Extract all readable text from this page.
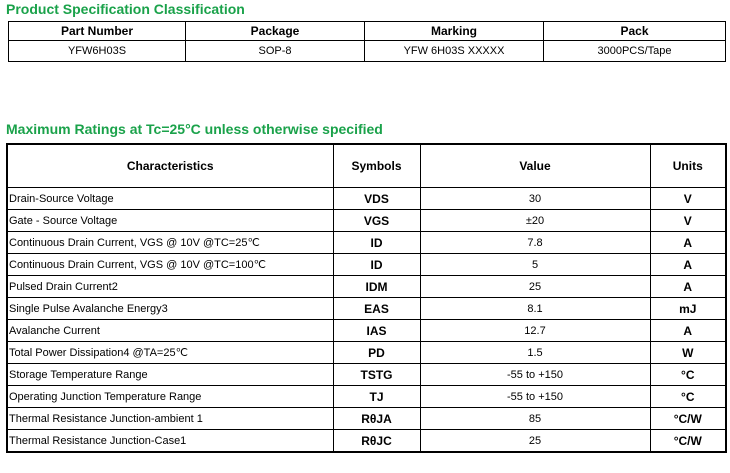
Product Specification Classification
Part Number	Package	Marking	Pack
YFW6H03S	SOP-8	YFW 6H03S XXXXX	3000PCS/Tape
Maximum Ratings at Tc=25°C unless otherwise specified
Characteristics	Symbols	Value	Units
Drain-Source Voltage	VDS	30	V
Gate - Source Voltage	VGS	±20	V
Continuous Drain Current, VGS @ 10V @TC=25℃	ID	7.8	A
Continuous Drain Current, VGS @ 10V @TC=100℃	ID	5	A
Pulsed Drain Current2	IDM	25	A
Single Pulse Avalanche Energy3	EAS	8.1	mJ
Avalanche Current	IAS	12.7	A
Total Power Dissipation4 @TA=25℃	PD	1.5	W
Storage Temperature Range	TSTG	-55 to +150	°C
Operating Junction Temperature Range	TJ	-55 to +150	°C
Thermal Resistance Junction-ambient 1	RθJA	85	°C/W
Thermal Resistance Junction-Case1	RθJC	25	°C/W
